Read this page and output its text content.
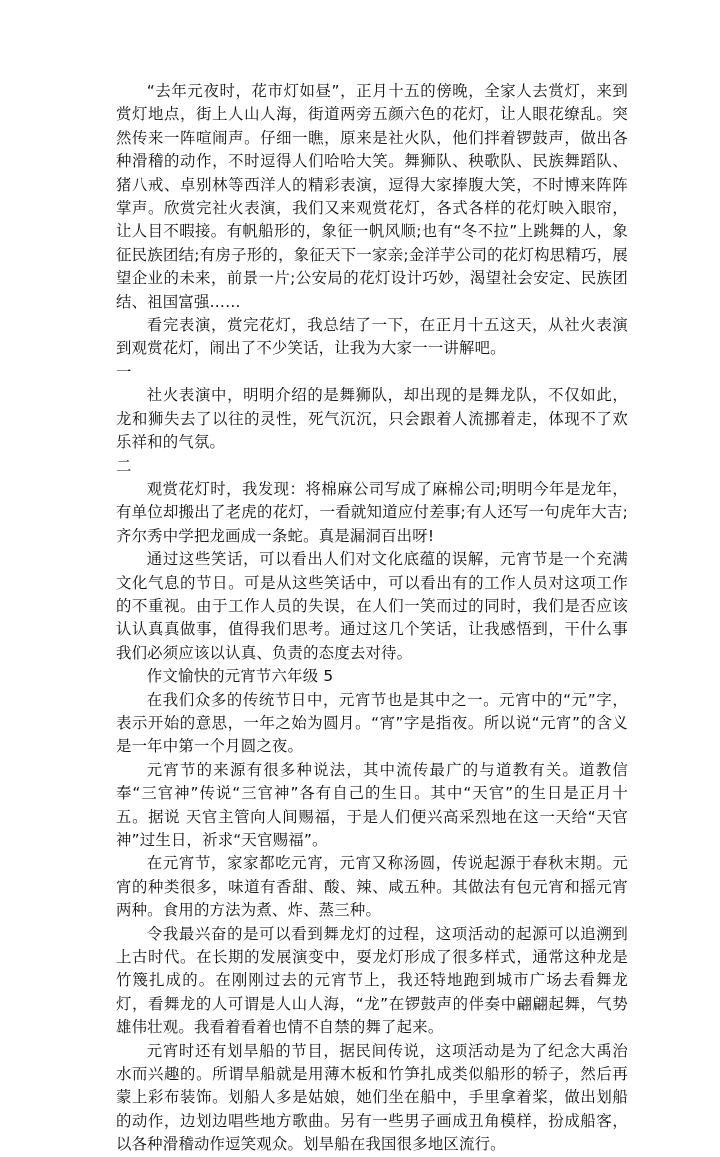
“去年元夜时，花市灯如昼”，正月十五的傍晚，全家人去赏灯，来到赏灯地点，街上人山人海，街道两旁五颜六色的花灯，让人眼花缭乱。突然传来一阵喧闹声。仔细一瞧，原来是社火队，他们拌着锣鼓声，做出各种滑稽的动作，不时逗得人们哈哈大笑。舞狮队、秧歌队、民族舞蹈队、猪八戒、卓别林等西洋人的精彩表演，逗得大家捧腹大笑，不时博来阵阵掌声。欣赏完社火表演，我们又来观赏花灯，各式各样的花灯映入眼帘，让人目不暇接。有帆船形的，象征一帆风顺;也有“冬不拉”上跳舞的人，象征民族团结;有房子形的，象征天下一家亲;金洋芋公司的花灯构思精巧，展望企业的未来，前景一片;公安局的花灯设计巧妙，渴望社会安定、民族团结、祖国富强……

看完表演，赏完花灯，我总结了一下，在正月十五这天，从社火表演到观赏花灯，闹出了不少笑话，让我为大家一一讲解吧。

一

社火表演中，明明介绍的是舞狮队，却出现的是舞龙队，不仅如此，龙和狮失去了以往的灵性，死气沉沉，只会跟着人流挪着走，体现不了欢乐祥和的气氛。

二

观赏花灯时，我发现：将棉麻公司写成了麻棉公司;明明今年是龙年，有单位却搬出了老虎的花灯，一看就知道应付差事;有人还写一句虎年大吉;齐尔秀中学把龙画成一条蛇。真是漏洞百出呀!

通过这些笑话，可以看出人们对文化底蕴的误解，元宵节是一个充满文化气息的节日。可是从这些笑话中，可以看出有的工作人员对这项工作的不重视。由于工作人员的失误，在人们一笑而过的同时，我们是否应该认认真真做事，值得我们思考。通过这几个笑话，让我感悟到，干什么事我们必须应该以认真、负责的态度去对待。

作文愉快的元宵节六年级 5

在我们众多的传统节日中，元宵节也是其中之一。元宵中的“元”字，表示开始的意思，一年之始为圆月。“宵”字是指夜。所以说“元宵”的含义是一年中第一个月圆之夜。

元宵节的来源有很多种说法，其中流传最广的与道教有关。道教信奉“三官神”传说“三官神”各有自己的生日。其中“天官”的生日是正月十五。据说 天官主管向人间赐福，于是人们便兴高采烈地在这一天给“天官神”过生日，祈求“天官赐福”。

在元宵节，家家都吃元宵，元宵又称汤圆，传说起源于春秋末期。元宵的种类很多，味道有香甜、酸、辣、咸五种。其做法有包元宵和摇元宵两种。食用的方法为煮、炸、蒸三种。

令我最兴奋的是可以看到舞龙灯的过程，这项活动的起源可以追溯到上古时代。在长期的发展演变中，耍龙灯形成了很多样式，通常这种龙是竹篾扎成的。在刚刚过去的元宵节上，我还特地跑到城市广场去看舞龙灯，看舞龙的人可谓是人山人海，“龙”在锣鼓声的伴奏中翩翩起舞，气势雄伟壮观。我看着看着也情不自禁的舞了起来。

元宵时还有划旱船的节目，据民间传说，这项活动是为了纪念大禹治水而兴趣的。所谓旱船就是用薄木板和竹笋扎成类似船形的轿子，然后再蒙上彩布装饰。划船人多是姑娘，她们坐在船中，手里拿着桨，做出划船的动作，边划边唱些地方歌曲。另有一些男子画成丑角模样，扮成船客，以各种滑稽动作逗笑观众。划旱船在我国很多地区流行。
